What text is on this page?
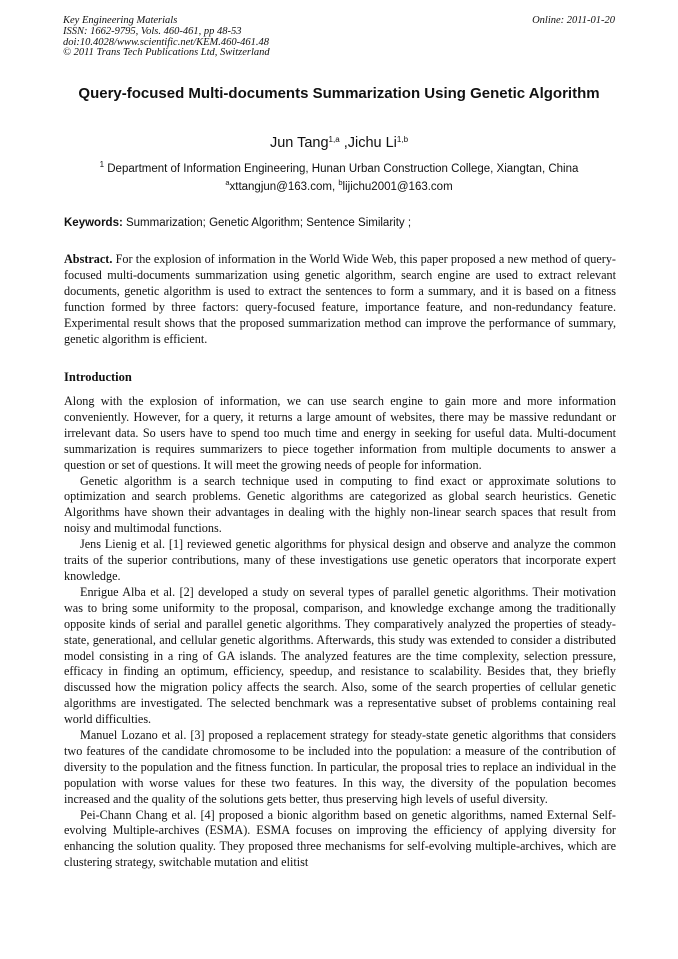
Key Engineering Materials
ISSN: 1662-9795, Vols. 460-461, pp 48-53
doi:10.4028/www.scientific.net/KEM.460-461.48
© 2011 Trans Tech Publications Ltd, Switzerland
Online: 2011-01-20
Query-focused Multi-documents Summarization Using Genetic Algorithm
Jun Tang$^{1,a}$ ,Jichu Li$^{1,b}$
$^1$ Department of Information Engineering, Hunan Urban Construction College, Xiangtan, China
$^a$xttangjun@163.com, $^b$lijichu2001@163.com
Keywords: Summarization; Genetic Algorithm; Sentence Similarity ;
Abstract. For the explosion of information in the World Wide Web, this paper proposed a new method of query-focused multi-documents summarization using genetic algorithm, search engine are used to extract relevant documents, genetic algorithm is used to extract the sentences to form a summary, and it is based on a fitness function formed by three factors: query-focused feature, importance feature, and non-redundancy feature. Experimental result shows that the proposed summarization method can improve the performance of summary, genetic algorithm is efficient.
Introduction

Along with the explosion of information, we can use search engine to gain more and more information conveniently. However, for a query, it returns a large amount of websites, there may be massive redundant or irrelevant data. So users have to spend too much time and energy in seeking for useful data. Multi-document summarization is requires summarizers to piece together information from multiple documents to answer a question or set of questions. It will meet the growing needs of people for information.

Genetic algorithm is a search technique used in computing to find exact or approximate solutions to optimization and search problems. Genetic algorithms are categorized as global search heuristics. Genetic Algorithms have shown their advantages in dealing with the highly non-linear search spaces that result from noisy and multimodal functions.

Jens Lienig et al. [1] reviewed genetic algorithms for physical design and observe and analyze the common traits of the superior contributions, many of these investigations use genetic operators that incorporate expert knowledge.

Enrigue Alba et al. [2] developed a study on several types of parallel genetic algorithms. Their motivation was to bring some uniformity to the proposal, comparison, and knowledge exchange among the traditionally opposite kinds of serial and parallel genetic algorithms. They comparatively analyzed the properties of steady-state, generational, and cellular genetic algorithms. Afterwards, this study was extended to consider a distributed model consisting in a ring of GA islands. The analyzed features are the time complexity, selection pressure, efficacy in finding an optimum, efficiency, speedup, and resistance to scalability. Besides that, they briefly discussed how the migration policy affects the search. Also, some of the search properties of cellular genetic algorithms are investigated. The selected benchmark was a representative subset of problems containing real world difficulties.

Manuel Lozano et al. [3] proposed a replacement strategy for steady-state genetic algorithms that considers two features of the candidate chromosome to be included into the population: a measure of the contribution of diversity to the population and the fitness function. In particular, the proposal tries to replace an individual in the population with worse values for these two features. In this way, the diversity of the population becomes increased and the quality of the solutions gets better, thus preserving high levels of useful diversity.

Pei-Chann Chang et al. [4] proposed a bionic algorithm based on genetic algorithms, named External Self-evolving Multiple-archives (ESMA). ESMA focuses on improving the efficiency of applying diversity for enhancing the solution quality. They proposed three mechanisms for self-evolving multiple-archives, which are clustering strategy, switchable mutation and elitist
